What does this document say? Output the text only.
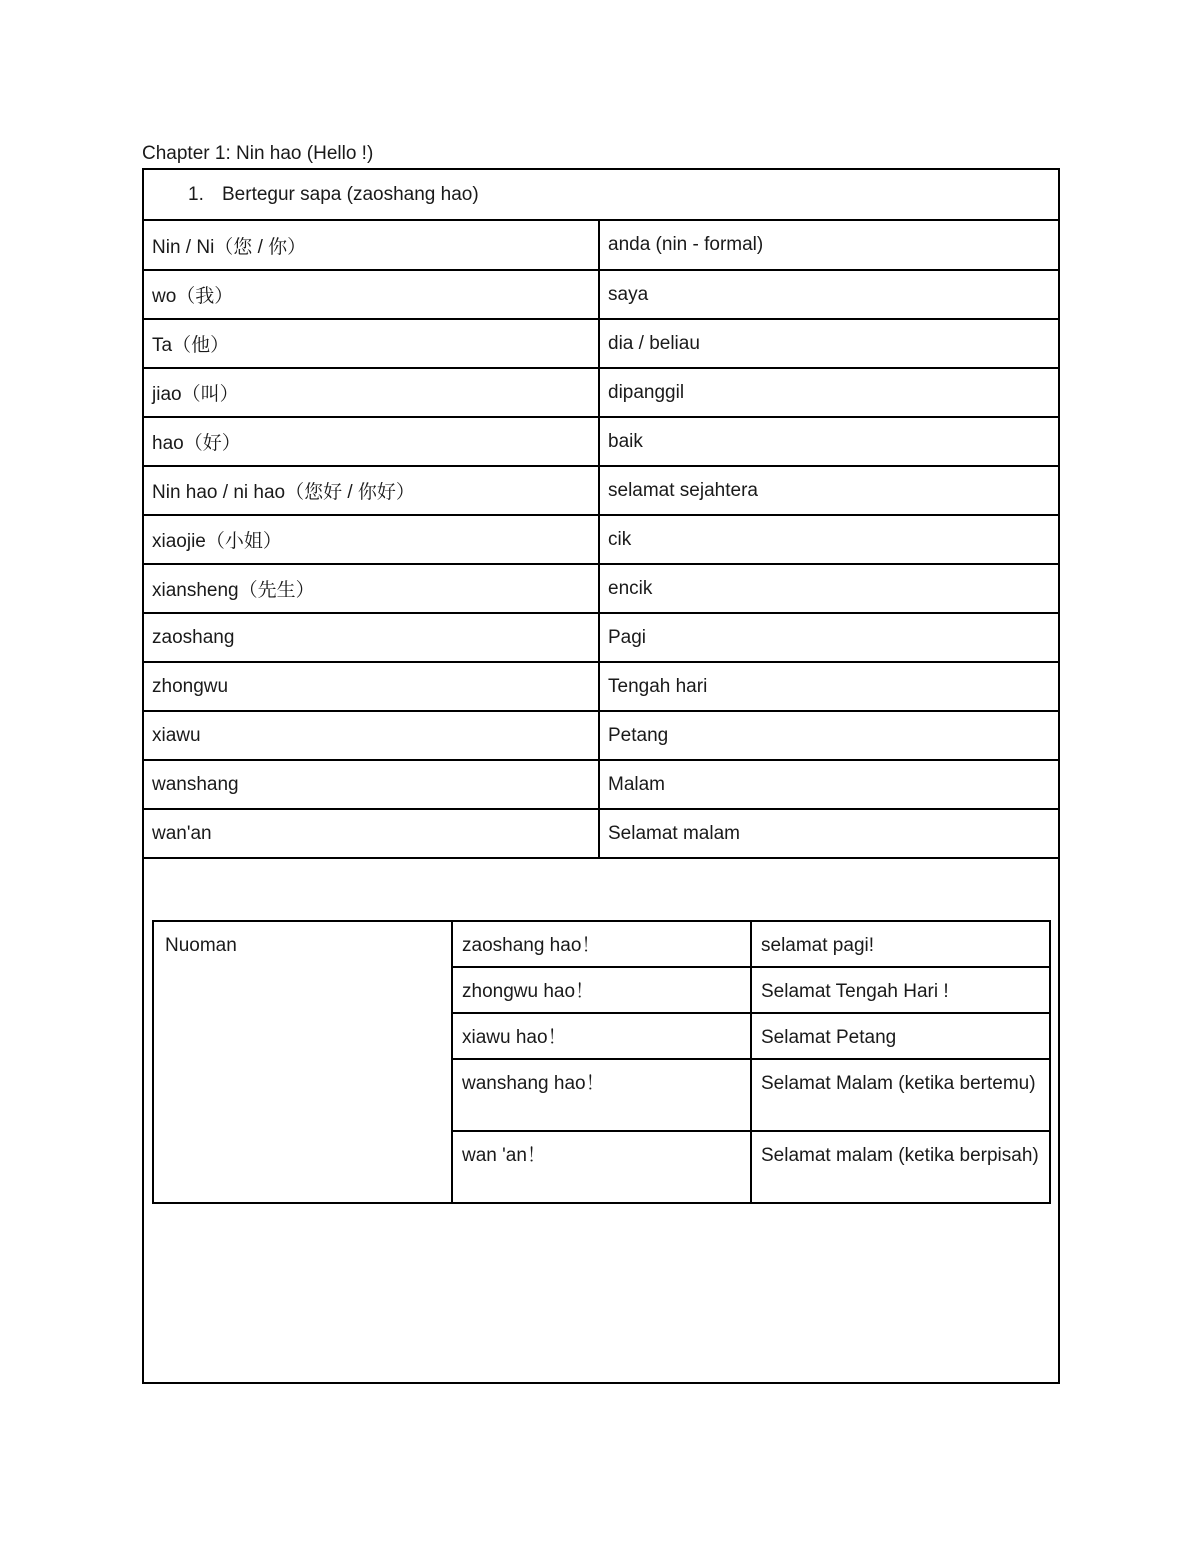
Chapter 1: Nin hao (Hello !)
1. Bertegur sapa (zaoshang hao)
Nin / Ni（您 / 你）	anda (nin - formal)
wo（我）	saya
Ta（他）	dia / beliau
jiao（叫）	dipanggil
hao（好）	baik
Nin hao / ni hao（您好 / 你好）	selamat sejahtera
xiaojie（小姐）	cik
xiansheng（先生）	encik
zaoshang	Pagi
zhongwu	Tengah hari
xiawu	Petang
wanshang	Malam
wan'an	Selamat malam
Nuoman	zaoshang hao！	selamat pagi!
	zhongwu hao！	Selamat Tengah Hari !
	xiawu hao！	Selamat Petang
	wanshang hao！	Selamat Malam (ketika bertemu)
	wan 'an！	Selamat malam (ketika berpisah)
